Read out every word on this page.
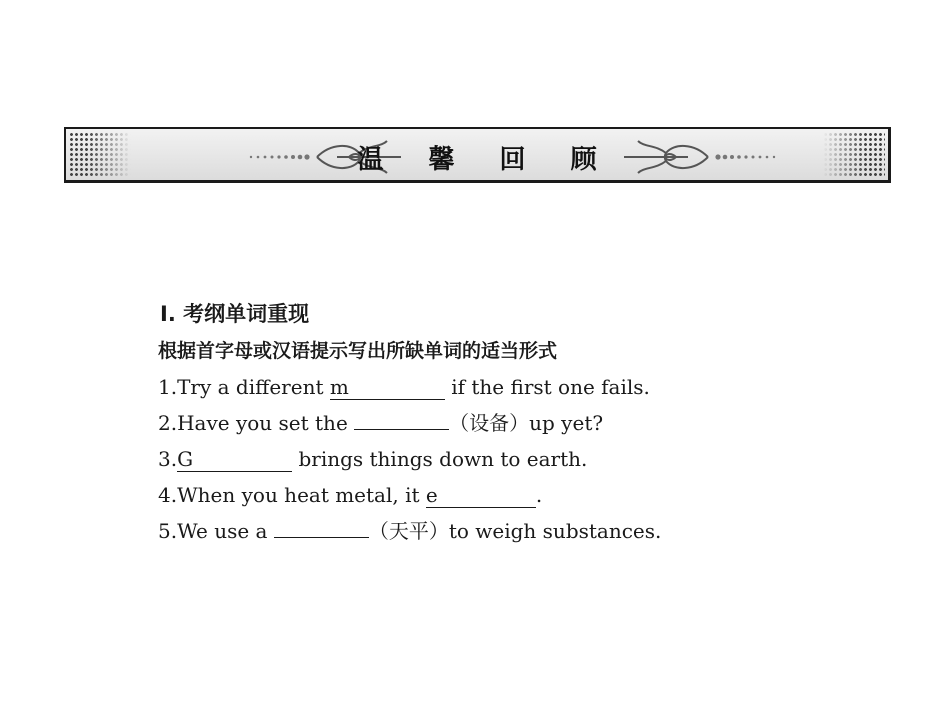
温 馨 回 顾
Ⅰ. 考纲单词重现
根据首字母或汉语提示写出所缺单词的适当形式
1.Try a different m	if the first one fails.
2.Have you set the	（设备）up yet?
3.G	brings things down to earth.
4.When you heat metal, it e	.
5.We use a	（天平）to weigh substances.
